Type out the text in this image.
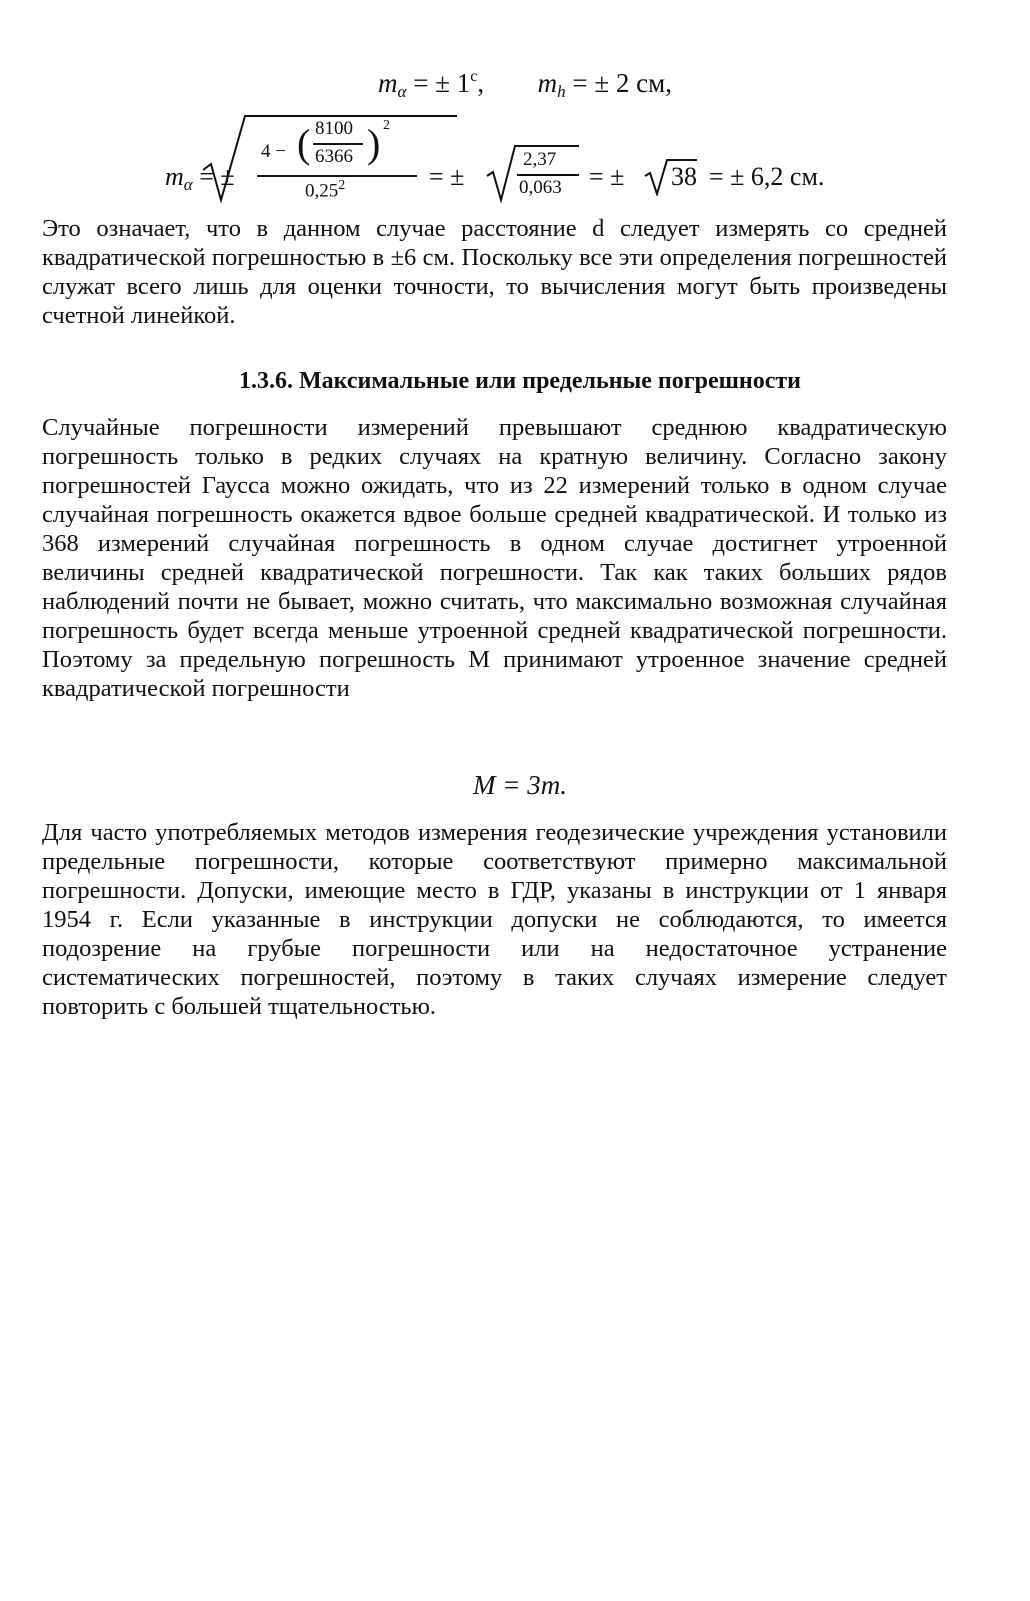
$m_\alpha$ = ± $1^c$, $m_h$ = ± 2 см,
$m_\alpha$ = ±
4 − ( 8100
6366 ) 2
$0,25^2$	= ±
2,37
0,063 = ± 38 = ± 6,2 см.

Это означает, что в данном случае расстояние d следует измерять со средней квадратической погрешностью в ±6 см. Поскольку все эти определения погрешностей служат всего лишь для оценки точности, то вычисления могут быть произведены счетной линейкой.

1.3.6. Максимальные или предельные погрешности

Случайные погрешности измерений превышают среднюю квадратическую погрешность только в редких случаях на кратную величину. Согласно закону погрешностей Гаусса можно ожидать, что из 22 измерений только в одном случае случайная погрешность окажется вдвое больше средней квадратической. И только из 368 измерений случайная погрешность в одном случае достигнет утроенной величины средней квадратической погрешности. Так как таких больших рядов наблюдений почти не бывает, можно считать, что максимально возможная случайная погрешность будет всегда меньше утроенной средней квадратической погрешности. Поэтому за предельную погрешность M принимают утроенное значение средней квадратической погрешности

M = 3m.

Для часто употребляемых методов измерения геодезические учреждения установили предельные погрешности, которые соответствуют примерно максимальной погрешности. Допуски, имеющие место в ГДР, указаны в инструкции от 1 января 1954 г. Если указанные в инструкции допуски не соблюдаются, то имеется подозрение на грубые погрешности или на недостаточное устранение систематических погрешностей, поэтому в таких случаях измерение следует повторить с большей тщательностью.
